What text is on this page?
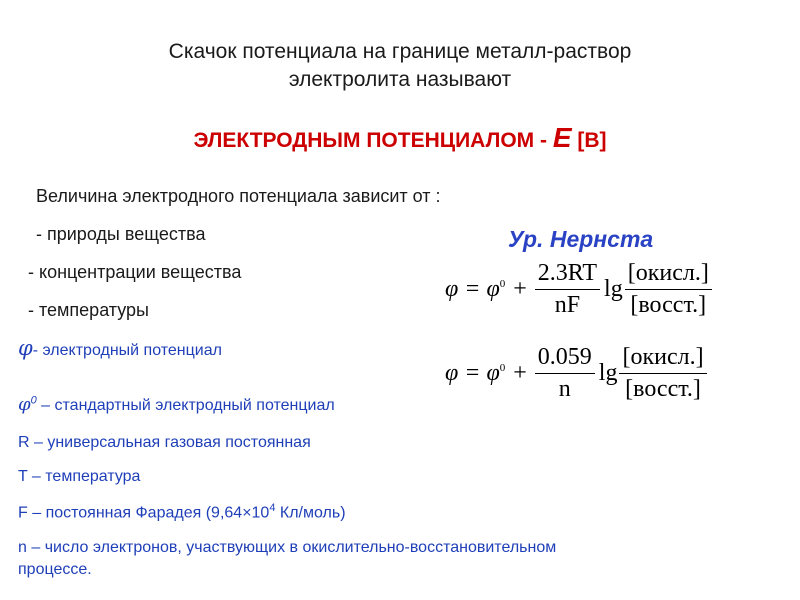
Скачок потенциала на границе металл-раствор
электролита называют
ЭЛЕКТРОДНЫМ ПОТЕНЦИАЛОМ - E [В]
Величина электродного потенциала зависит от :
- природы вещества
- концентрации вещества
- температуры
Ур. Нернста
$\varphi = \varphi^0 + \frac{2.3RT}{nF}$ $\lg \frac{\text{[окисл.]}}{\text{[восст.]}}$
$\varphi = \varphi^0 + \frac{0.059}{n}$ $\lg \frac{\text{[окисл.]}}{\text{[восст.]}}$
φ- электродный потенциал
$\varphi^0$ – стандартный электродный потенциал
R – универсальная газовая постоянная
T – температура
F – постоянная Фарадея ($9,64\times 10^4$ Кл/моль)
n – число электронов, участвующих в окислительно-восстановительном
процессе.
